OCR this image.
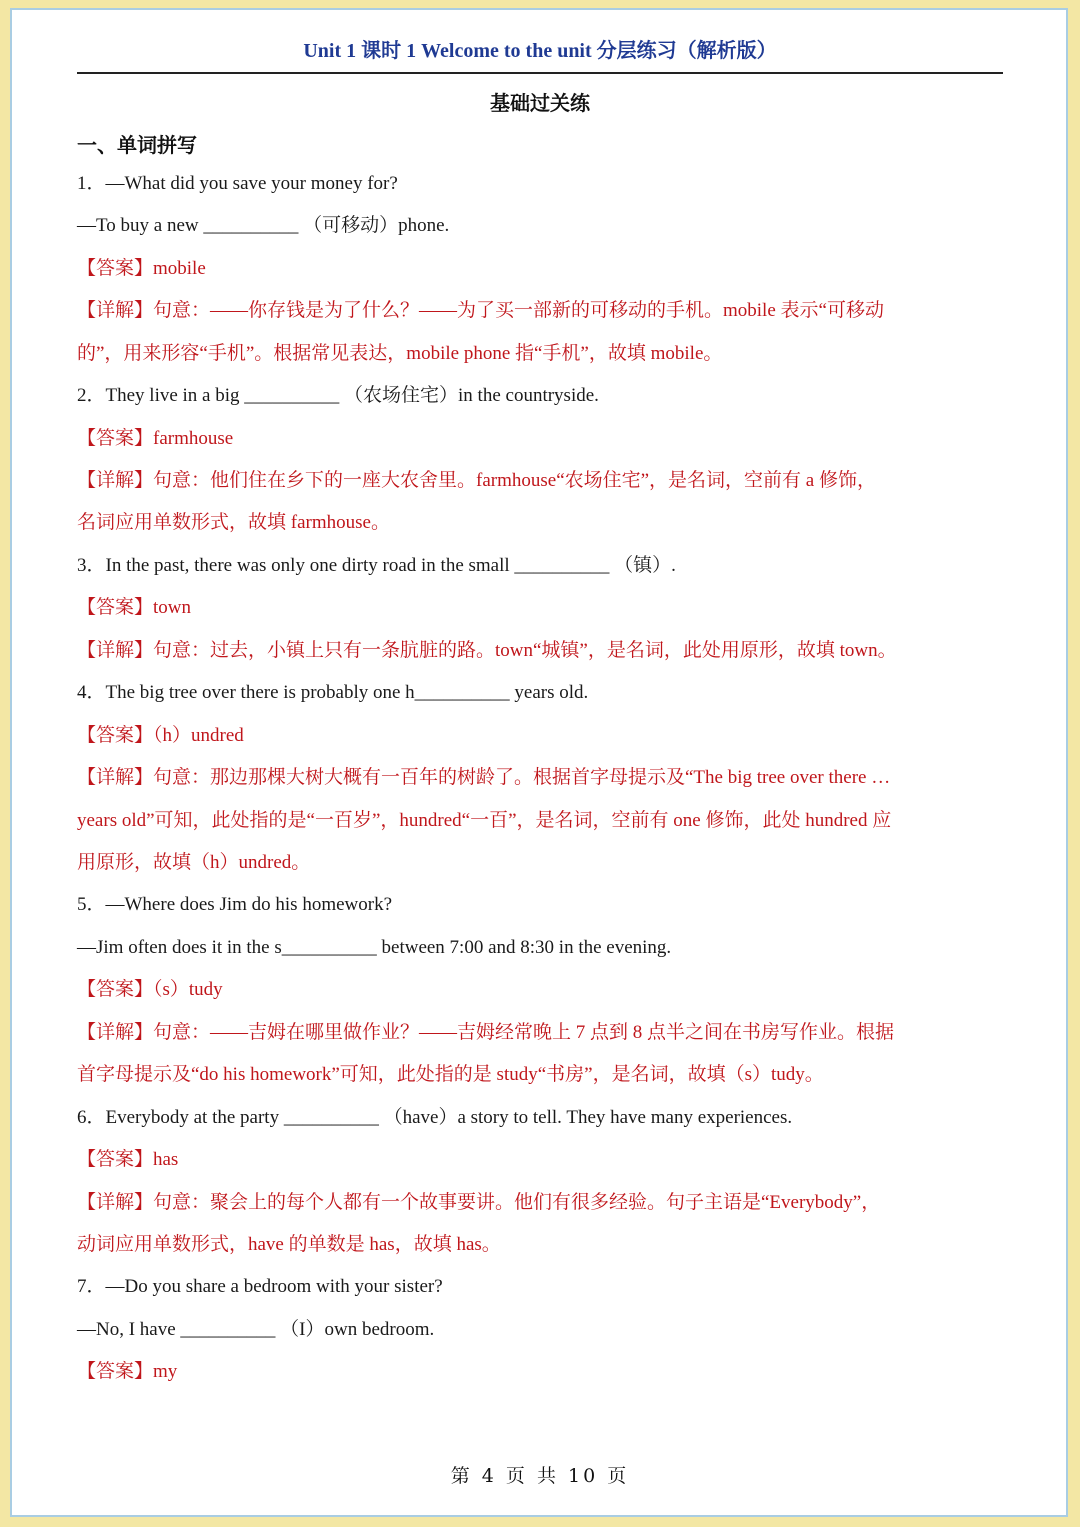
Unit 1 课时 1 Welcome to the unit 分层练习（解析版）
基础过关练
一、单词拼写
1．—What did you save your money for?
—To buy a new __________ （可移动）phone.
【答案】mobile
【详解】句意：——你存钱是为了什么？——为了买一部新的可移动的手机。mobile 表示“可移动
的”，用来形容“手机”。根据常见表达，mobile phone 指“手机”，故填 mobile。
2．They live in a big __________ （农场住宅）in the countryside.
【答案】farmhouse
【详解】句意：他们住在乡下的一座大农舍里。farmhouse“农场住宅”，是名词，空前有 a 修饰，
名词应用单数形式，故填 farmhouse。
3．In the past, there was only one dirty road in the small __________ （镇）.
【答案】town
【详解】句意：过去，小镇上只有一条肮脏的路。town“城镇”，是名词，此处用原形，故填 town。
4．The big tree over there is probably one h__________ years old.
【答案】（h）undred
【详解】句意：那边那棵大树大概有一百年的树龄了。根据首字母提示及“The big tree over there …
years old”可知，此处指的是“一百岁”，hundred“一百”，是名词，空前有 one 修饰，此处 hundred 应
用原形，故填（h）undred。
5．—Where does Jim do his homework?
—Jim often does it in the s__________ between 7:00 and 8:30 in the evening.
【答案】（s）tudy
【详解】句意：——吉姆在哪里做作业？——吉姆经常晚上 7 点到 8 点半之间在书房写作业。根据
首字母提示及“do his homework”可知，此处指的是 study“书房”，是名词，故填（s）tudy。
6．Everybody at the party __________ （have）a story to tell. They have many experiences.
【答案】has
【详解】句意：聚会上的每个人都有一个故事要讲。他们有很多经验。句子主语是“Everybody”，
动词应用单数形式，have 的单数是 has，故填 has。
7．—Do you share a bedroom with your sister?
—No, I have __________ （I）own bedroom.
【答案】my
第 4 页 共 10 页
